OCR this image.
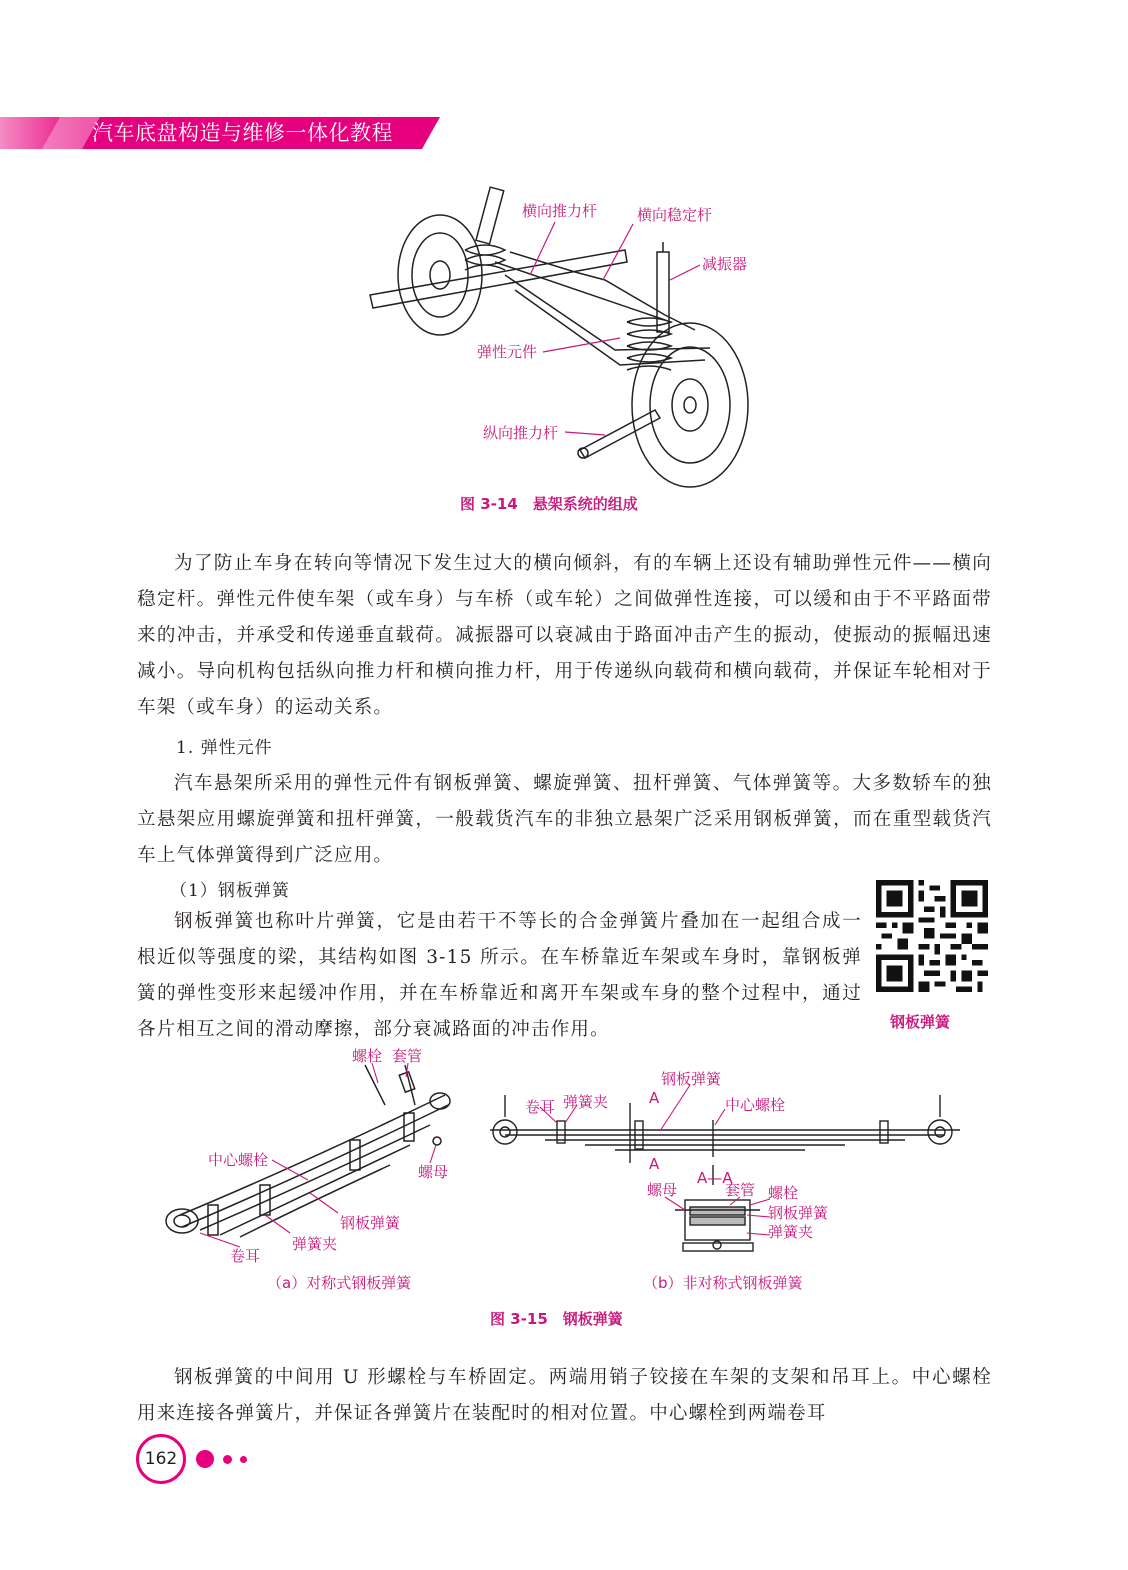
汽车底盘构造与维修一体化教程
横向推力杆	横向稳定杆
减振器
弹性元件
纵向推力杆
图 3-14　悬架系统的组成

为了防止车身在转向等情况下发生过大的横向倾斜，有的车辆上还设有辅助弹性元件——横向稳定杆。弹性元件使车架（或车身）与车桥（或车轮）之间做弹性连接，可以缓和由于不平路面带来的冲击，并承受和传递垂直载荷。减振器可以衰减由于路面冲击产生的振动，使振动的振幅迅速减小。导向机构包括纵向推力杆和横向推力杆，用于传递纵向载荷和横向载荷，并保证车轮相对于车架（或车身）的运动关系。

1. 弹性元件

汽车悬架所采用的弹性元件有钢板弹簧、螺旋弹簧、扭杆弹簧、气体弹簧等。大多数轿车的独立悬架应用螺旋弹簧和扭杆弹簧，一般载货汽车的非独立悬架广泛采用钢板弹簧，而在重型载货汽车上气体弹簧得到广泛应用。

（1）钢板弹簧

钢板弹簧也称叶片弹簧，它是由若干不等长的合金弹簧片叠加在一起组合成一根近似等强度的梁，其结构如图 3-15 所示。在车桥靠近车架或车身时，靠钢板弹簧的弹性变形来起缓冲作用，并在车桥靠近和离开车架或车身的整个过程中，通过各片相互之间的滑动摩擦，部分衰减路面的冲击作用。	钢板弹簧
螺栓 套管
中心螺栓
螺母
钢板弹簧
弹簧夹
卷耳
（a）对称式钢板弹簧
卷耳 弹簧夹
钢板弹簧
中心螺栓
A
A
A—A
螺母	套管 螺栓
钢板弹簧
弹簧夹
（b）非对称式钢板弹簧
图 3-15　钢板弹簧

钢板弹簧的中间用 U 形螺栓与车桥固定。两端用销子铰接在车架的支架和吊耳上。中心螺栓用来连接各弹簧片，并保证各弹簧片在装配时的相对位置。中心螺栓到两端卷耳

162
